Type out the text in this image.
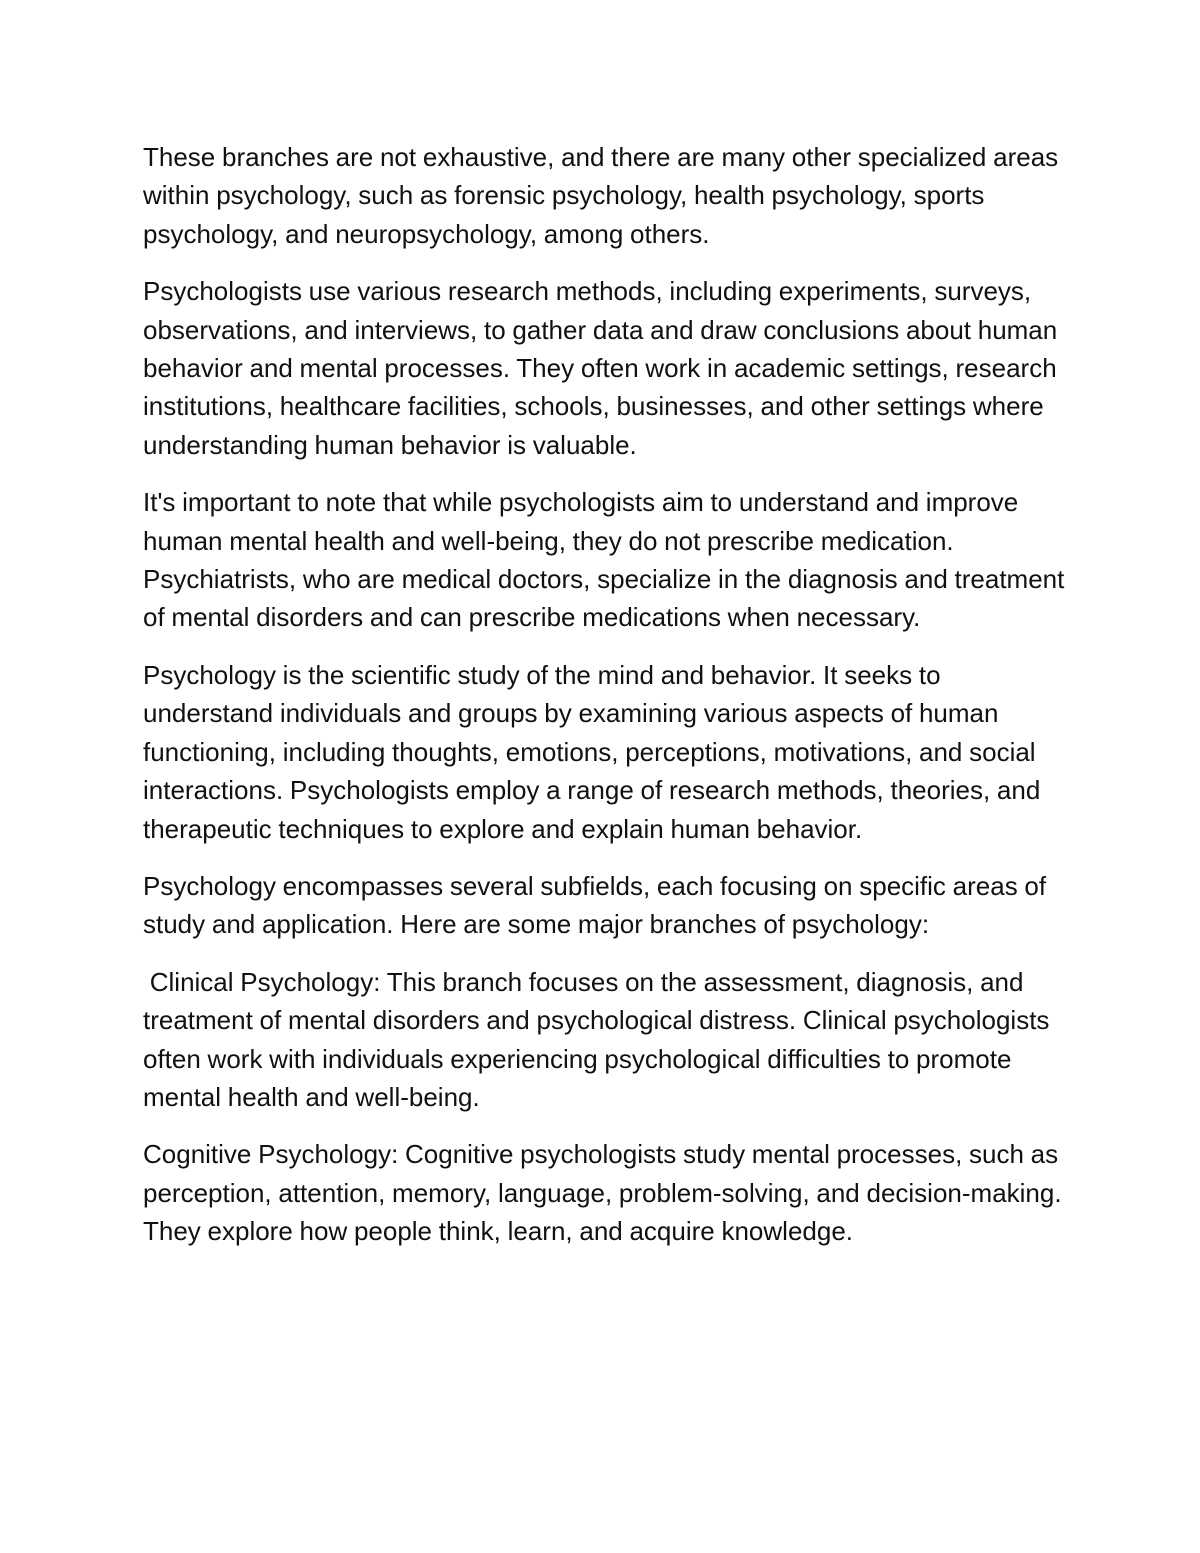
These branches are not exhaustive, and there are many other specialized areas within psychology, such as forensic psychology, health psychology, sports psychology, and neuropsychology, among others.

Psychologists use various research methods, including experiments, surveys, observations, and interviews, to gather data and draw conclusions about human behavior and mental processes. They often work in academic settings, research institutions, healthcare facilities, schools, businesses, and other settings where understanding human behavior is valuable.

It's important to note that while psychologists aim to understand and improve human mental health and well-being, they do not prescribe medication. Psychiatrists, who are medical doctors, specialize in the diagnosis and treatment of mental disorders and can prescribe medications when necessary.

Psychology is the scientific study of the mind and behavior. It seeks to understand individuals and groups by examining various aspects of human functioning, including thoughts, emotions, perceptions, motivations, and social interactions. Psychologists employ a range of research methods, theories, and therapeutic techniques to explore and explain human behavior.

Psychology encompasses several subfields, each focusing on specific areas of study and application. Here are some major branches of psychology:

Clinical Psychology: This branch focuses on the assessment, diagnosis, and treatment of mental disorders and psychological distress. Clinical psychologists often work with individuals experiencing psychological difficulties to promote mental health and well-being.

Cognitive Psychology: Cognitive psychologists study mental processes, such as perception, attention, memory, language, problem-solving, and decision-making. They explore how people think, learn, and acquire knowledge.
